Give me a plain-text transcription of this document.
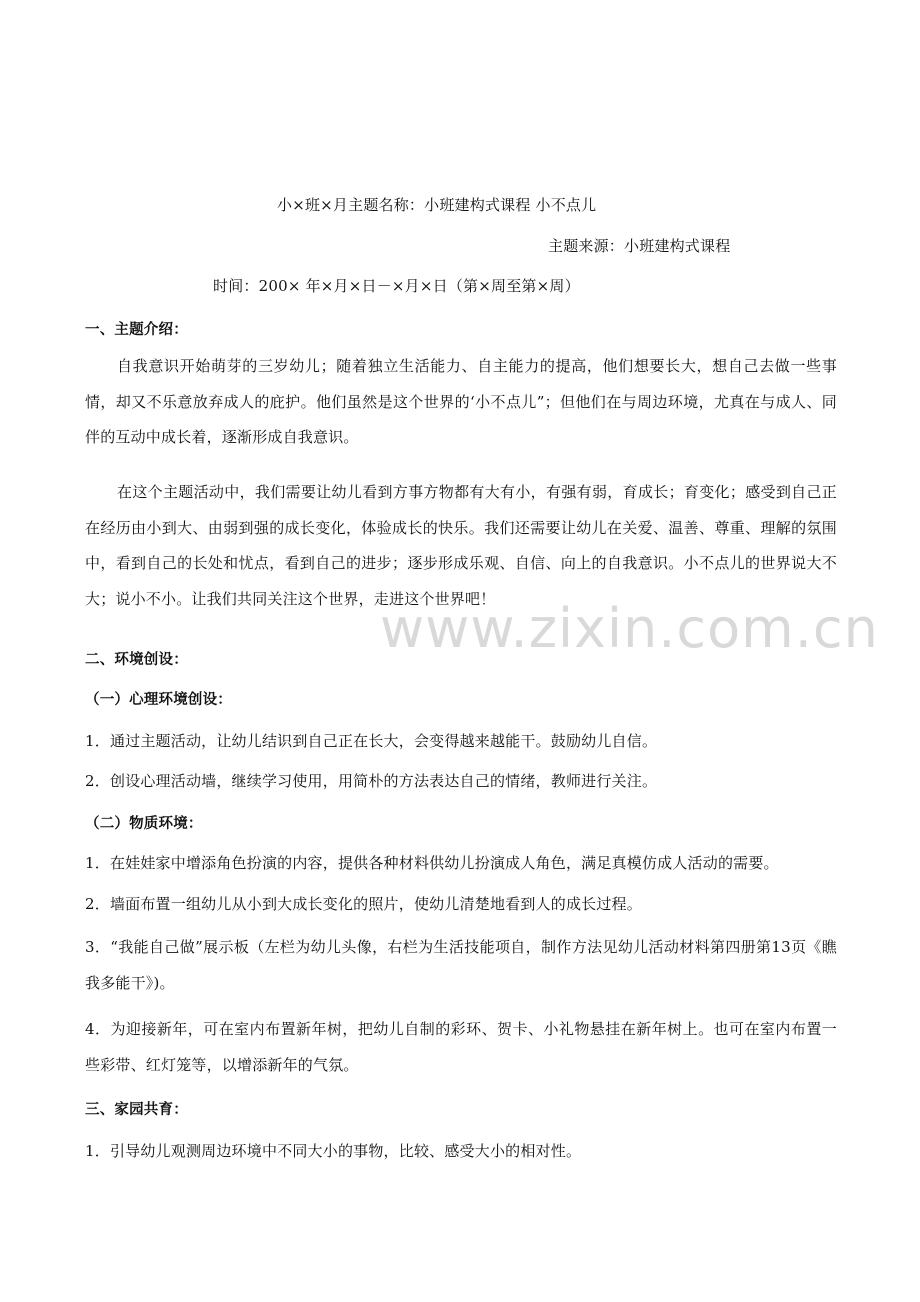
www.zixin.com.cn
小×班×月主题名称：小班建构式课程 小不点儿
主题来源：小班建构式课程
时间：200× 年×月×日－×月×日（第×周至第×周）
一、主题介绍：
自我意识开始萌芽的三岁幼儿；随着独立生活能力、自主能力的提高，他们想要长大，想自己去做一些事情，却又不乐意放弃成人的庇护。他们虽然是这个世界的‘小不点儿”；但他们在与周边环境，尤真在与成人、同伴的互动中成长着，逐渐形成自我意识。
在这个主题活动中，我们需要让幼儿看到方事方物都有大有小，有强有弱，育成长；育变化；感受到自己正在经历由小到大、由弱到强的成长变化，体验成长的快乐。我们还需要让幼儿在关爱、温善、尊重、理解的氛围中，看到自己的长处和忧点，看到自己的进步；逐步形成乐观、自信、向上的自我意识。小不点儿的世界说大不大；说小不小。让我们共同关注这个世界，走进这个世界吧！
二、环境创设：
（一）心理环境创设：
1．通过主题活动，让幼儿结识到自己正在长大，会变得越来越能干。鼓励幼儿自信。
2．创设心理活动墙，继续学习使用，用简朴的方法表达自己的情绪，教师进行关注。
（二）物质环境：
1．在娃娃家中增添角色扮演的内容，提供各种材料供幼儿扮演成人角色，满足真模仿成人活动的需要。
2．墙面布置一组幼儿从小到大成长变化的照片，使幼儿清楚地看到人的成长过程。
3．“我能自己做”展示板（左栏为幼儿头像，右栏为生活技能项自，制作方法见幼儿活动材料第四册第13页《瞧我多能干》)。
4．为迎接新年，可在室内布置新年树，把幼儿自制的彩环、贺卡、小礼物悬挂在新年树上。也可在室内布置一些彩带、红灯笼等，以增添新年的气氛。
三、家园共育：
1．引导幼儿观测周边环境中不同大小的事物，比较、感受大小的相对性。
